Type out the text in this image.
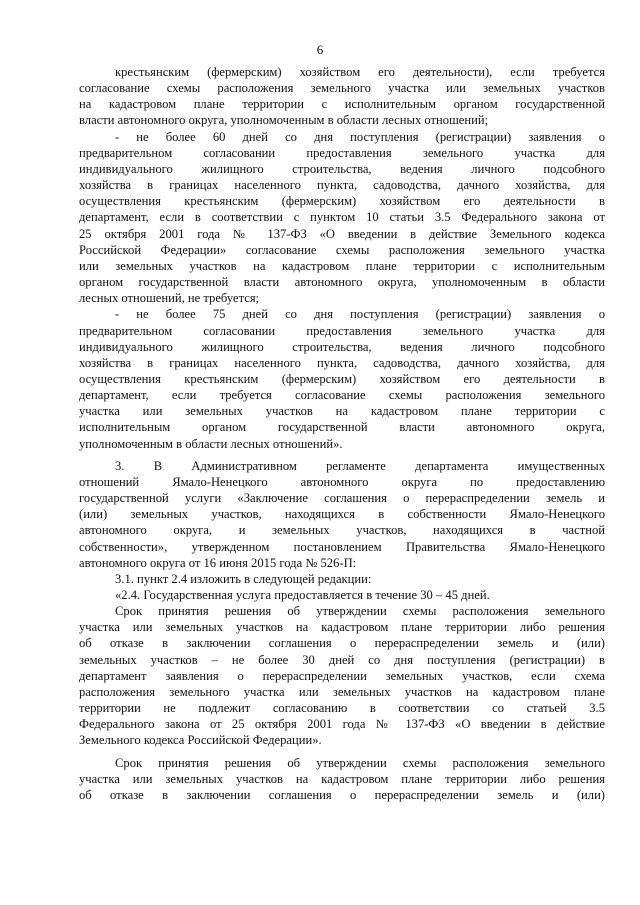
6

крестьянским (фермерским) хозяйством его деятельности), если требуется

согласование схемы расположения земельного участка или земельных участков

на кадастровом плане территории с исполнительным органом государственной

власти автономного округа, уполномоченным в области лесных отношений;

- не более 60 дней со дня поступления (регистрации) заявления о

предварительном согласовании предоставления земельного участка для

индивидуального жилищного строительства, ведения личного подсобного

хозяйства в границах населенного пункта, садоводства, дачного хозяйства, для

осуществления крестьянским (фермерским) хозяйством его деятельности в

департамент, если в соответствии с пунктом 10 статьи 3.5 Федерального закона от

25 октября 2001 года № 137-ФЗ «О введении в действие Земельного кодекса

Российской Федерации» согласование схемы расположения земельного участка

или земельных участков на кадастровом плане территории с исполнительным

органом государственной власти автономного округа, уполномоченным в области

лесных отношений, не требуется;

- не более 75 дней со дня поступления (регистрации) заявления о

предварительном согласовании предоставления земельного участка для

индивидуального жилищного строительства, ведения личного подсобного

хозяйства в границах населенного пункта, садоводства, дачного хозяйства, для

осуществления крестьянским (фермерским) хозяйством его деятельности в

департамент, если требуется согласование схемы расположения земельного

участка или земельных участков на кадастровом плане территории с

исполнительным органом государственной власти автономного округа,

уполномоченным в области лесных отношений».

3. В Административном регламенте департамента имущественных

отношений Ямало-Ненецкого автономного округа по предоставлению

государственной услуги «Заключение соглашения о перераспределении земель и

(или) земельных участков, находящихся в собственности Ямало-Ненецкого

автономного округа, и земельных участков, находящихся в частной

собственности», утвержденном постановлением Правительства Ямало-Ненецкого

автономного округа от 16 июня 2015 года № 526-П:

3.1. пункт 2.4 изложить в следующей редакции:

«2.4. Государственная услуга предоставляется в течение 30 – 45 дней.

Срок принятия решения об утверждении схемы расположения земельного

участка или земельных участков на кадастровом плане территории либо решения

об отказе в заключении соглашения о перераспределении земель и (или)

земельных участков – не более 30 дней со дня поступления (регистрации) в

департамент заявления о перераспределении земельных участков, если схема

расположения земельного участка или земельных участков на кадастровом плане

территории не подлежит согласованию в соответствии со статьей 3.5

Федерального закона от 25 октября 2001 года № 137-ФЗ «О введении в действие

Земельного кодекса Российской Федерации».

Срок принятия решения об утверждении схемы расположения земельного

участка или земельных участков на кадастровом плане территории либо решения

об отказе в заключении соглашения о перераспределении земель и (или)
